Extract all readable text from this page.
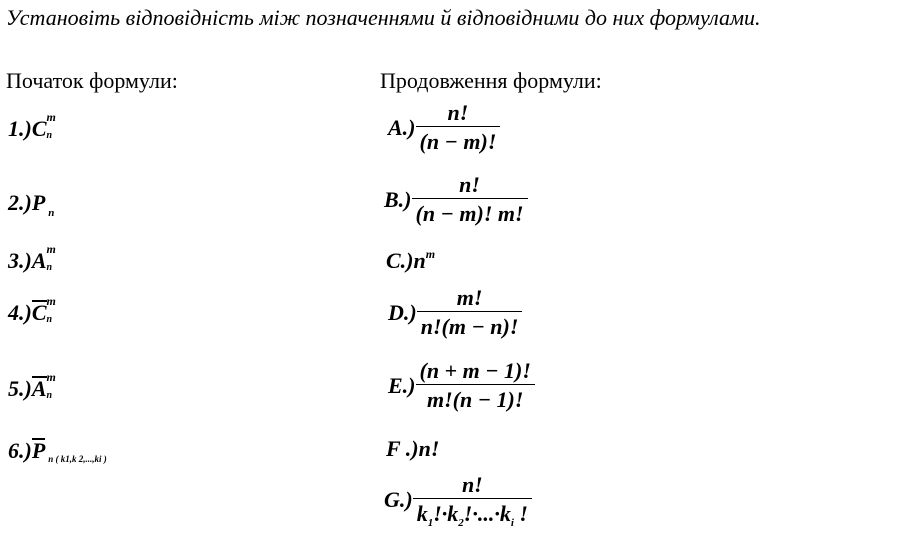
Установіть відповідність між позначеннями й відповідними до них формулами.

Початок формули:	Продовження формули:
1.)C m
n
2.)P $_n$
3.)A m
n
4.)C m
n
5.)A m
n
6.)P n ( k1,k 2,...,ki )
$A.) \frac{n!}{(n - m)!}$
$B.) \frac{n!}{(n - m)! m!}$
$C.)n^m$
$D.) \frac{m!}{n!(m - n)!}$
$E.) \frac{(n + m - 1)!}{m!(n - 1)!}$
F .)n!
$G.) \frac{n!}{k_1!\cdot k_2!\cdot...\cdot k_i !}$
